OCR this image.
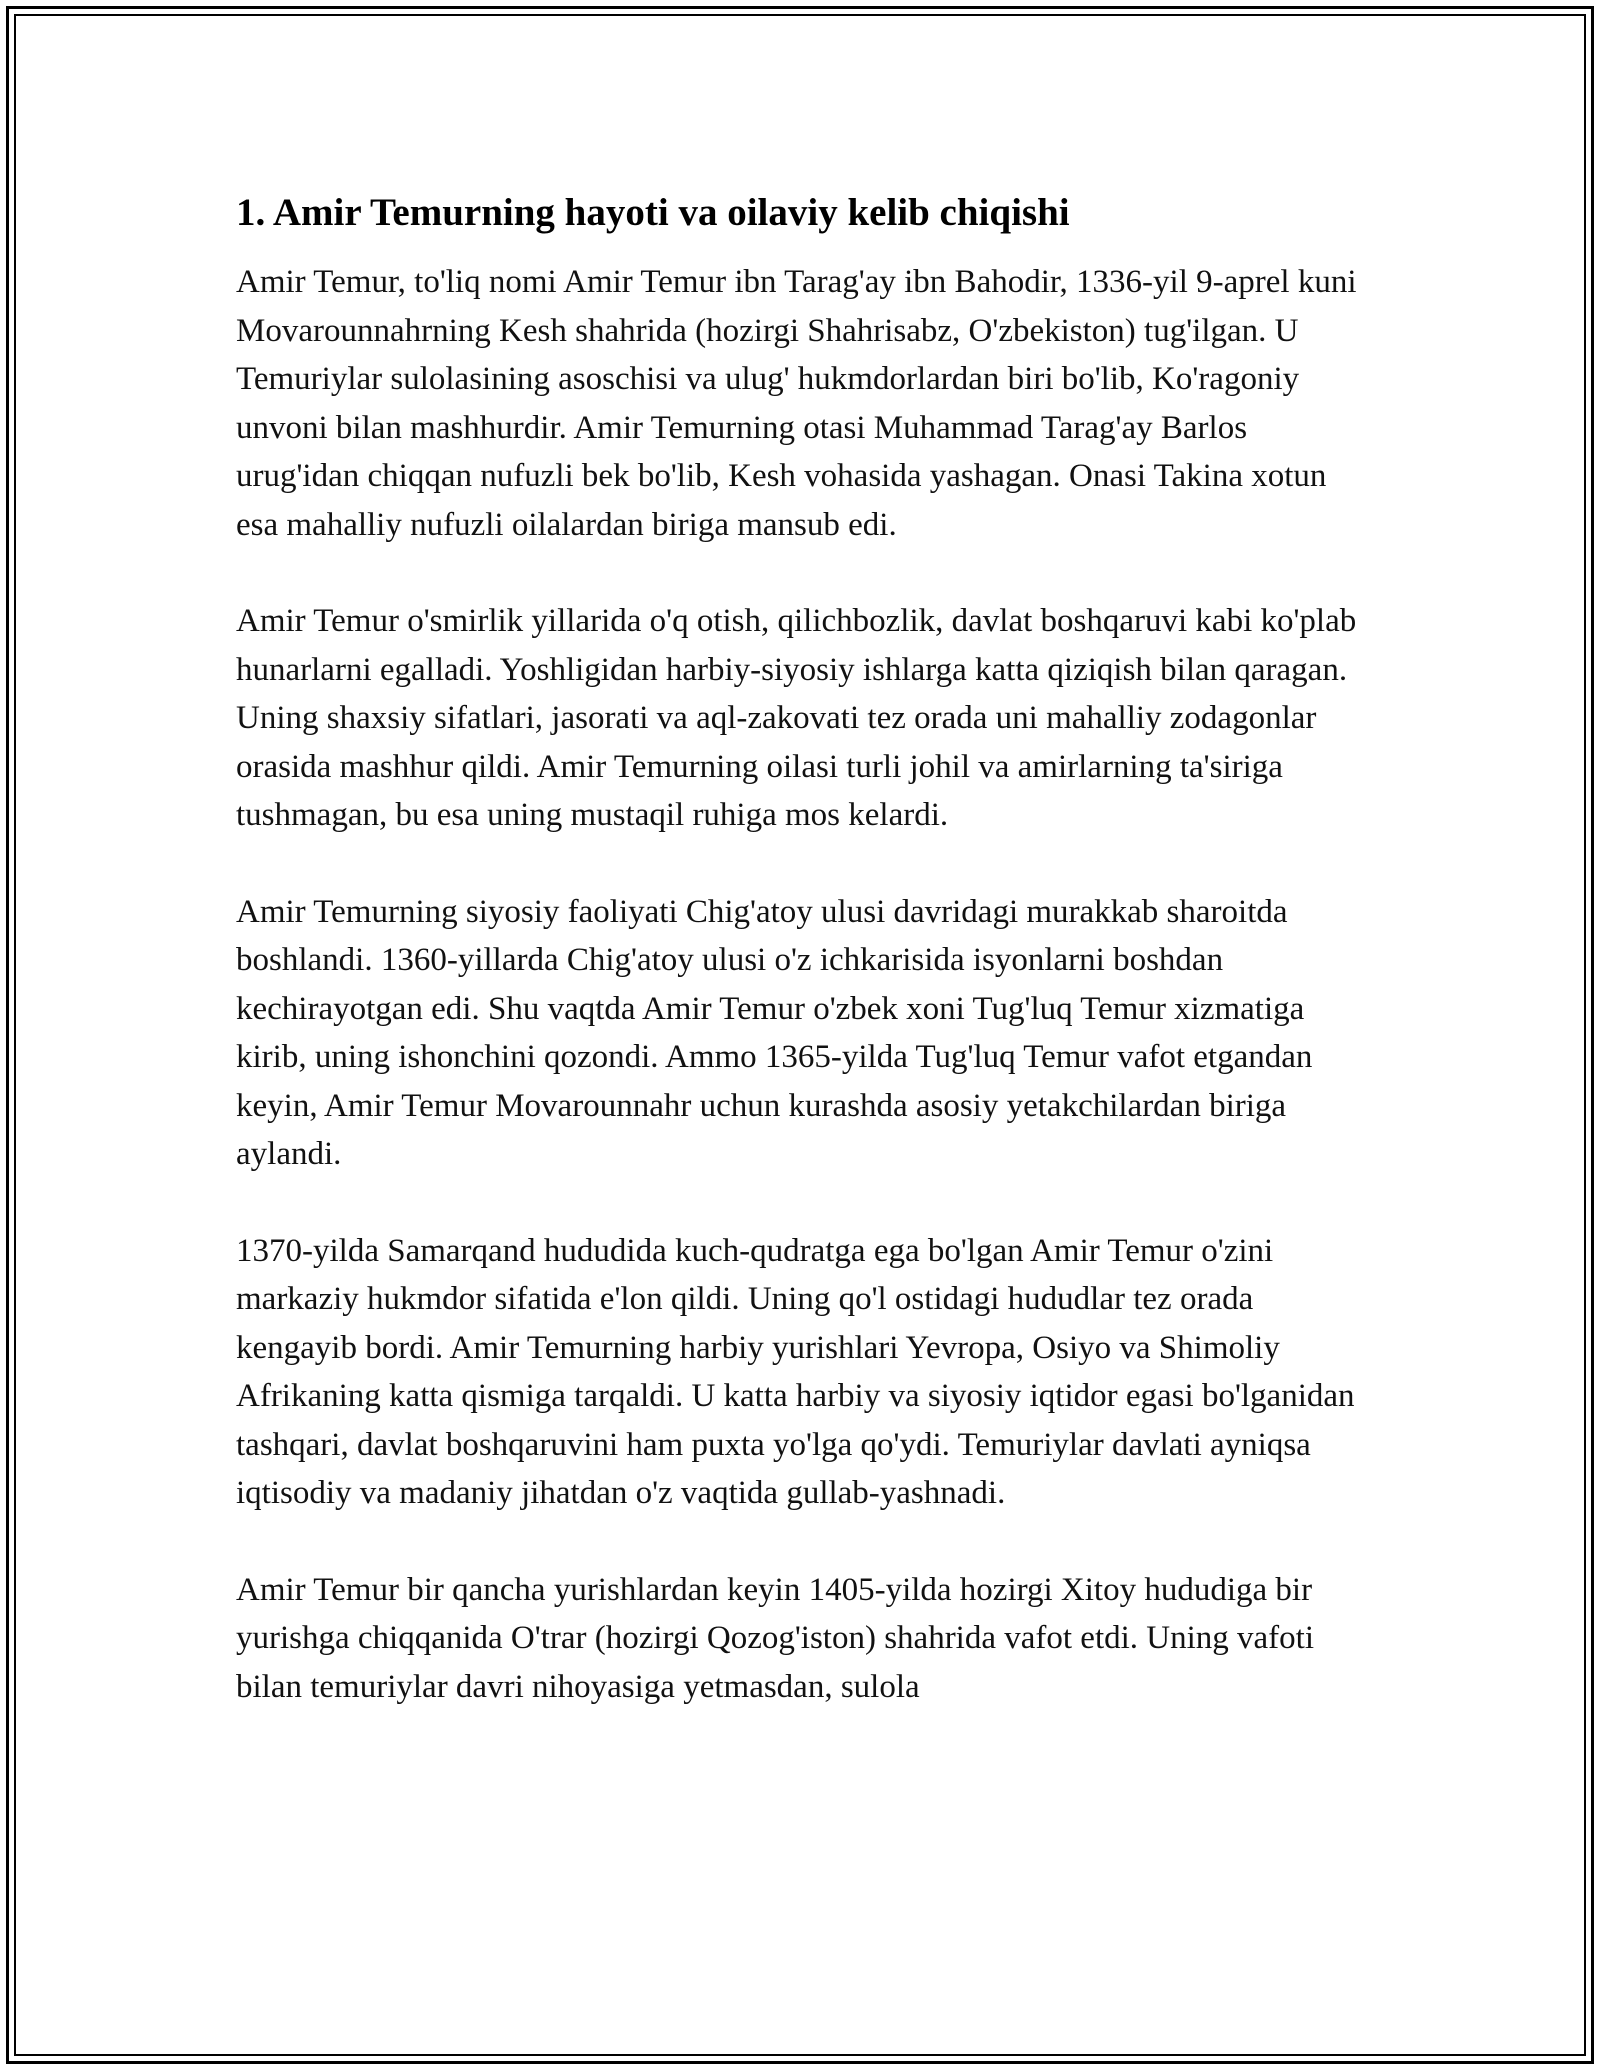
1. Amir Temurning hayoti va oilaviy kelib chiqishi

Amir Temur, to'liq nomi Amir Temur ibn Tarag'ay ibn Bahodir, 1336-yil 9-aprel kuni Movarounnahrning Kesh shahrida (hozirgi Shahrisabz, O'zbekiston) tug'ilgan. U Temuriylar sulolasining asoschisi va ulug' hukmdorlardan biri bo'lib, Ko'ragoniy unvoni bilan mashhurdir. Amir Temurning otasi Muhammad Tarag'ay Barlos urug'idan chiqqan nufuzli bek bo'lib, Kesh vohasida yashagan. Onasi Takina xotun esa mahalliy nufuzli oilalardan biriga mansub edi.

Amir Temur o'smirlik yillarida o'q otish, qilichbozlik, davlat boshqaruvi kabi ko'plab hunarlarni egalladi. Yoshligidan harbiy-siyosiy ishlarga katta qiziqish bilan qaragan. Uning shaxsiy sifatlari, jasorati va aql-zakovati tez orada uni mahalliy zodagonlar orasida mashhur qildi. Amir Temurning oilasi turli johil va amirlarning ta'siriga tushmagan, bu esa uning mustaqil ruhiga mos kelardi.

Amir Temurning siyosiy faoliyati Chig'atoy ulusi davridagi murakkab sharoitda boshlandi. 1360-yillarda Chig'atoy ulusi o'z ichkarisida isyonlarni boshdan kechirayotgan edi. Shu vaqtda Amir Temur o'zbek xoni Tug'luq Temur xizmatiga kirib, uning ishonchini qozondi. Ammo 1365-yilda Tug'luq Temur vafot etgandan keyin, Amir Temur Movarounnahr uchun kurashda asosiy yetakchilardan biriga aylandi.

1370-yilda Samarqand hududida kuch-qudratga ega bo'lgan Amir Temur o'zini markaziy hukmdor sifatida e'lon qildi. Uning qo'l ostidagi hududlar tez orada kengayib bordi. Amir Temurning harbiy yurishlari Yevropa, Osiyo va Shimoliy Afrikaning katta qismiga tarqaldi. U katta harbiy va siyosiy iqtidor egasi bo'lganidan tashqari, davlat boshqaruvini ham puxta yo'lga qo'ydi. Temuriylar davlati ayniqsa iqtisodiy va madaniy jihatdan o'z vaqtida gullab-yashnadi.

Amir Temur bir qancha yurishlardan keyin 1405-yilda hozirgi Xitoy hududiga bir yurishga chiqqanida O'trar (hozirgi Qozog'iston) shahrida vafot etdi. Uning vafoti bilan temuriylar davri nihoyasiga yetmasdan, sulola
